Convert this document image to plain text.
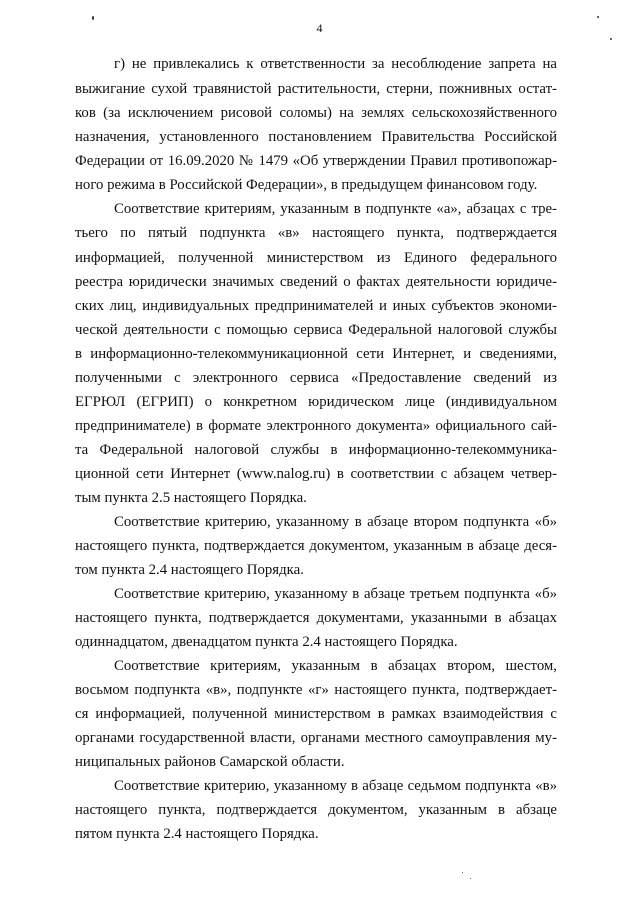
4
г) не привлекались к ответственности за несоблюдение запрета на
выжигание сухой травянистой растительности, стерни, пожнивных остат-
ков (за исключением рисовой соломы) на землях сельскохозяйственного
назначения, установленного постановлением Правительства Российской
Федерации от 16.09.2020 № 1479 «Об утверждении Правил противопожар-
ного режима в Российской Федерации», в предыдущем финансовом году.
Соответствие критериям, указанным в подпункте «а», абзацах с тре-
тьего по пятый подпункта «в» настоящего пункта, подтверждается
информацией, полученной министерством из Единого федерального
реестра юридически значимых сведений о фактах деятельности юридиче-
ских лиц, индивидуальных предпринимателей и иных субъектов экономи-
ческой деятельности с помощью сервиса Федеральной налоговой службы
в информационно-телекоммуникационной сети Интернет, и сведениями,
полученными с электронного сервиса «Предоставление сведений из
ЕГРЮЛ (ЕГРИП) о конкретном юридическом лице (индивидуальном
предпринимателе) в формате электронного документа» официального сай-
та Федеральной налоговой службы в информационно-телекоммуника-
ционной сети Интернет (www.nalog.ru) в соответствии с абзацем четвер-
тым пункта 2.5 настоящего Порядка.
Соответствие критерию, указанному в абзаце втором подпункта «б»
настоящего пункта, подтверждается документом, указанным в абзаце деся-
том пункта 2.4 настоящего Порядка.
Соответствие критерию, указанному в абзаце третьем подпункта «б»
настоящего пункта, подтверждается документами, указанными в абзацах
одиннадцатом, двенадцатом пункта 2.4 настоящего Порядка.
Соответствие критериям, указанным в абзацах втором, шестом,
восьмом подпункта «в», подпункте «г» настоящего пункта, подтверждает-
ся информацией, полученной министерством в рамках взаимодействия с
органами государственной власти, органами местного самоуправления му-
ниципальных районов Самарской области.
Соответствие критерию, указанному в абзаце седьмом подпункта «в»
настоящего пункта, подтверждается документом, указанным в абзаце
пятом пункта 2.4 настоящего Порядка.
